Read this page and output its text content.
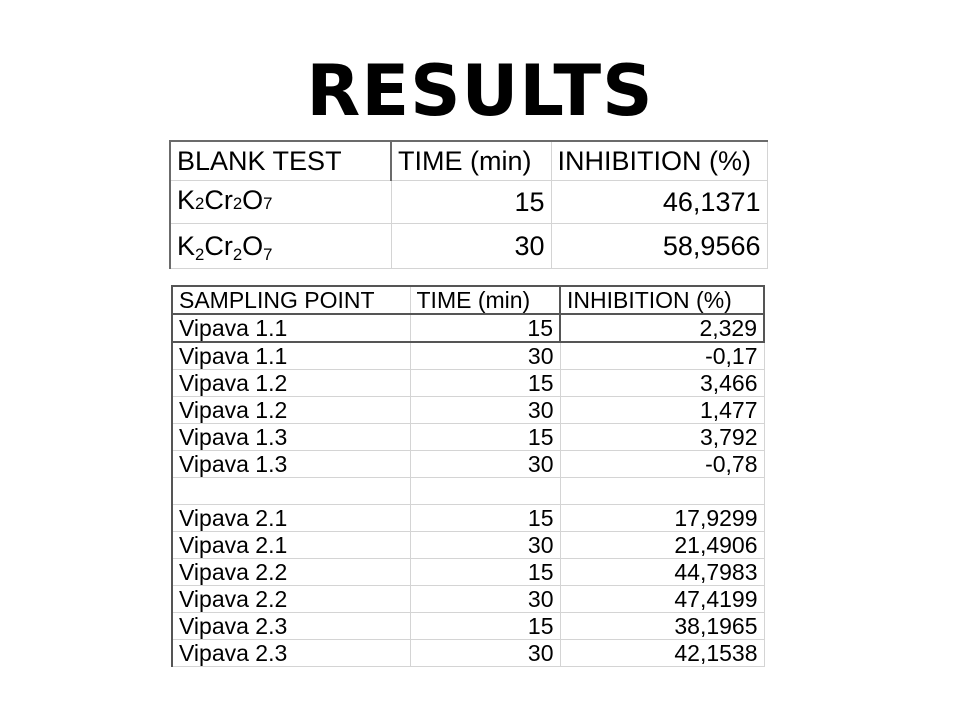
RESULTS
BLANK TEST	TIME (min)	INHIBITION (%)
K2Cr2O7	15	46,1371
K2Cr2O7	30	58,9566
SAMPLING POINT	TIME (min)	INHIBITION (%)
Vipava 1.1	15	2,329
Vipava 1.1	30	-0,17
Vipava 1.2	15	3,466
Vipava 1.2	30	1,477
Vipava 1.3	15	3,792
Vipava 1.3	30	-0,78

Vipava 2.1	15	17,9299
Vipava 2.1	30	21,4906
Vipava 2.2	15	44,7983
Vipava 2.2	30	47,4199
Vipava 2.3	15	38,1965
Vipava 2.3	30	42,1538
